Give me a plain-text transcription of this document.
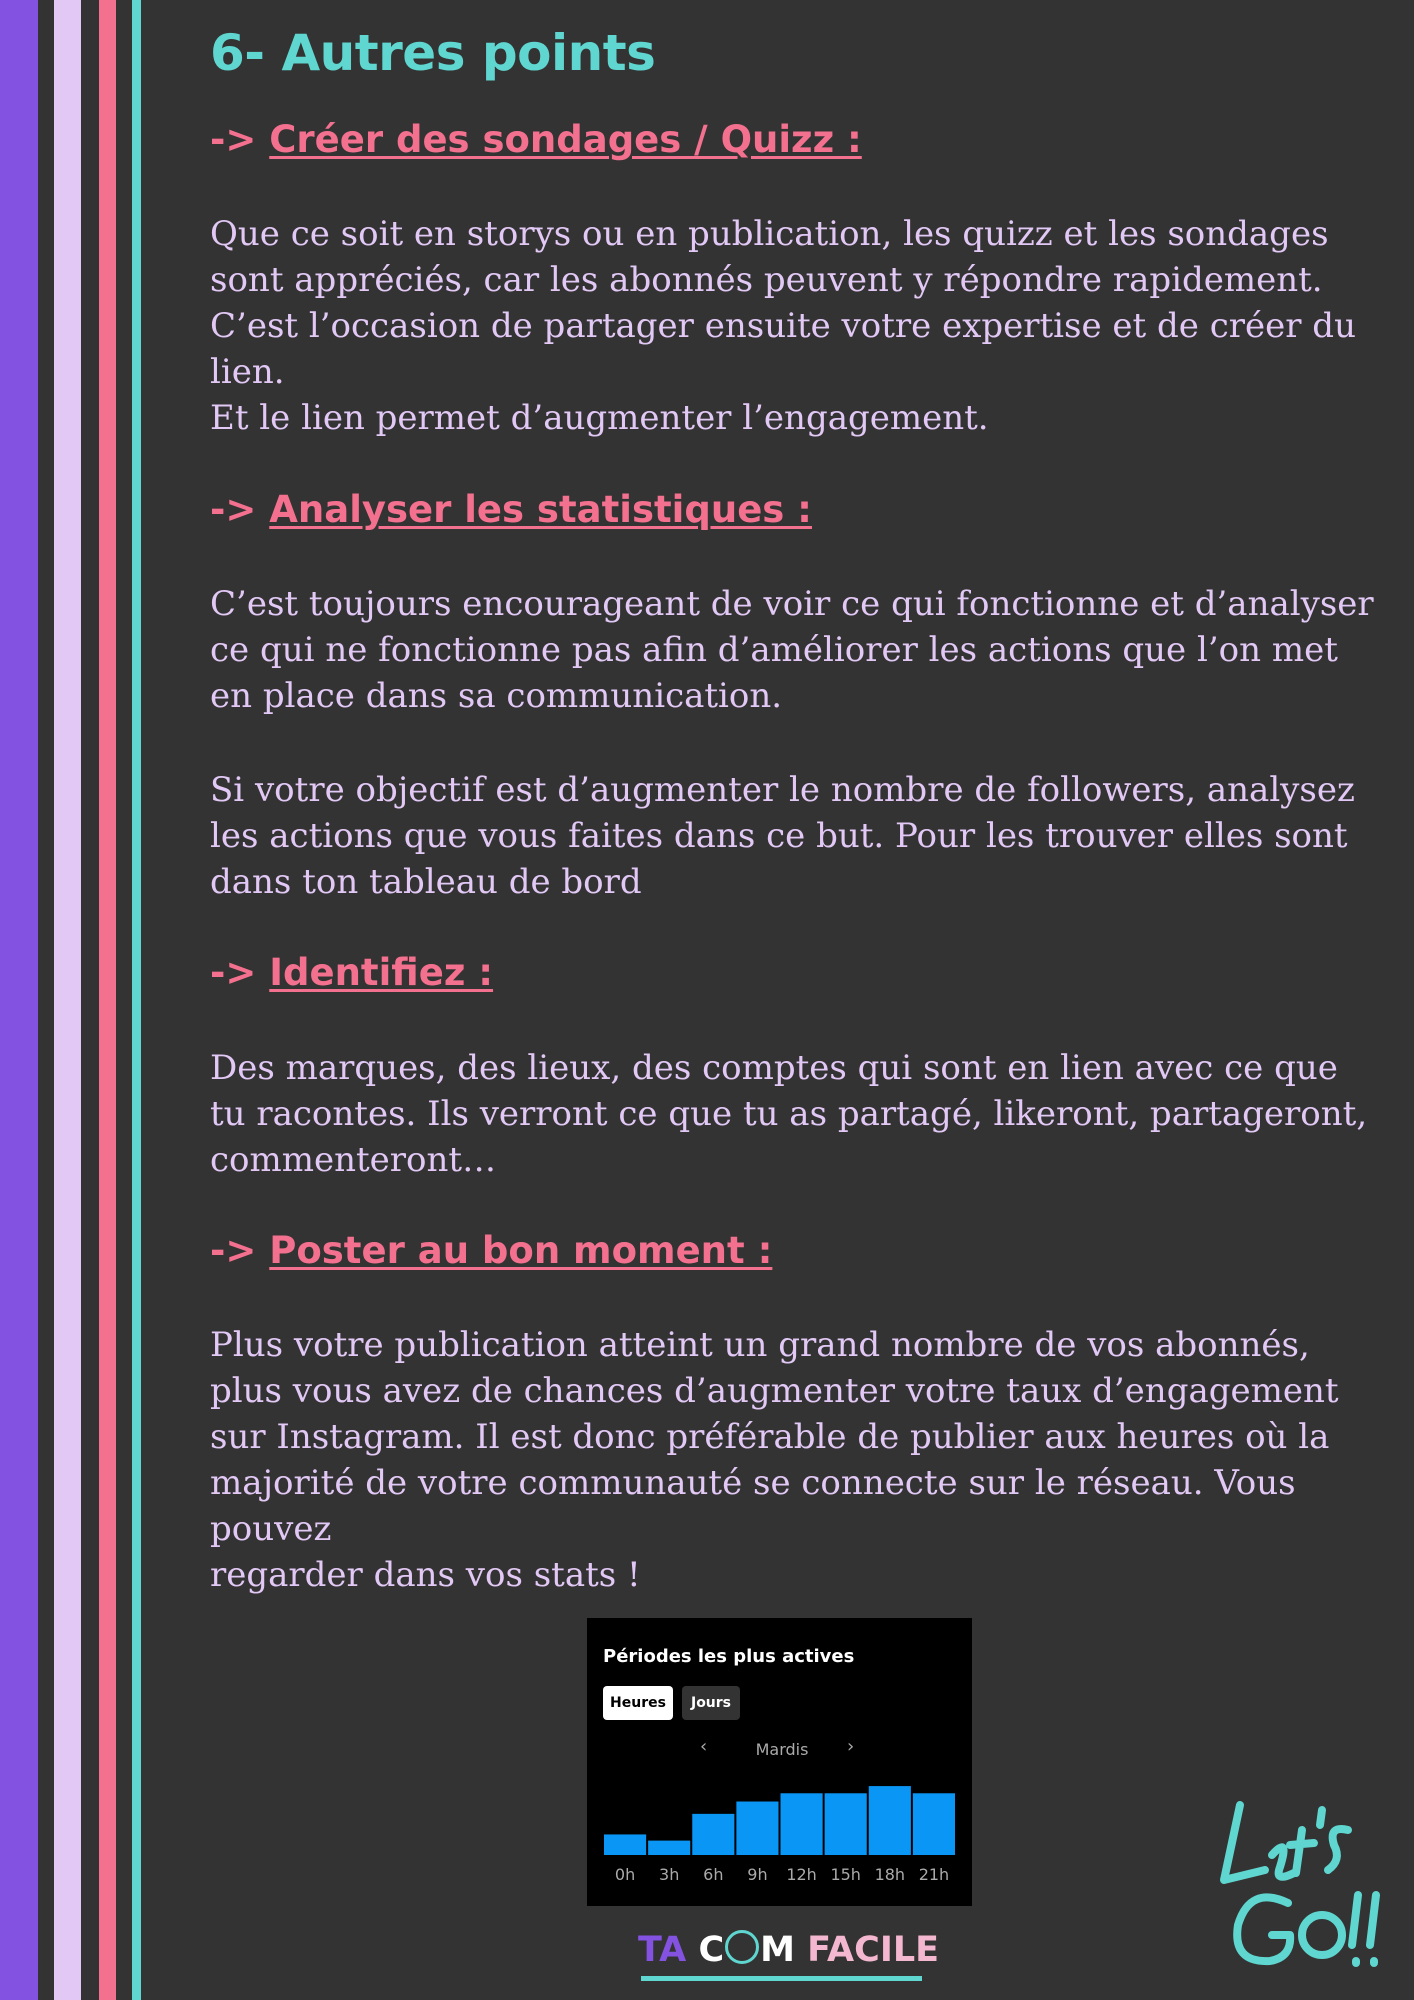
6- Autres points
-> Créer des sondages / Quizz :
Que ce soit en storys ou en publication, les quizz et les sondages sont appréciés, car les abonnés peuvent y répondre rapidement. C’est l’occasion de partager ensuite votre expertise et de créer du lien.
Et le lien permet d’augmenter l’engagement.
-> Analyser les statistiques :
C’est toujours encourageant de voir ce qui fonctionne et d’analyser ce qui ne fonctionne pas afin d’améliorer les actions que l’on met en place dans sa communication.
Si votre objectif est d’augmenter le nombre de followers, analysez les actions que vous faites dans ce but. Pour les trouver elles sont dans ton tableau de bord
-> Identifiez :
Des marques, des lieux, des comptes qui sont en lien avec ce que tu racontes. Ils verront ce que tu as partagé, likeront, partageront, commenteront…
-> Poster au bon moment :
Plus votre publication atteint un grand nombre de vos abonnés, plus vous avez de chances d’augmenter votre taux d’engagement sur Instagram. Il est donc préférable de publier aux heures où la majorité de votre communauté se connecte sur le réseau. Vous pouvez
regarder dans vos stats !
Périodes les plus actives
Heures	Jours
‹	Mardis	›
0h 3h 6h 9h 12h 15h 18h 21h
TA C M FACILE
